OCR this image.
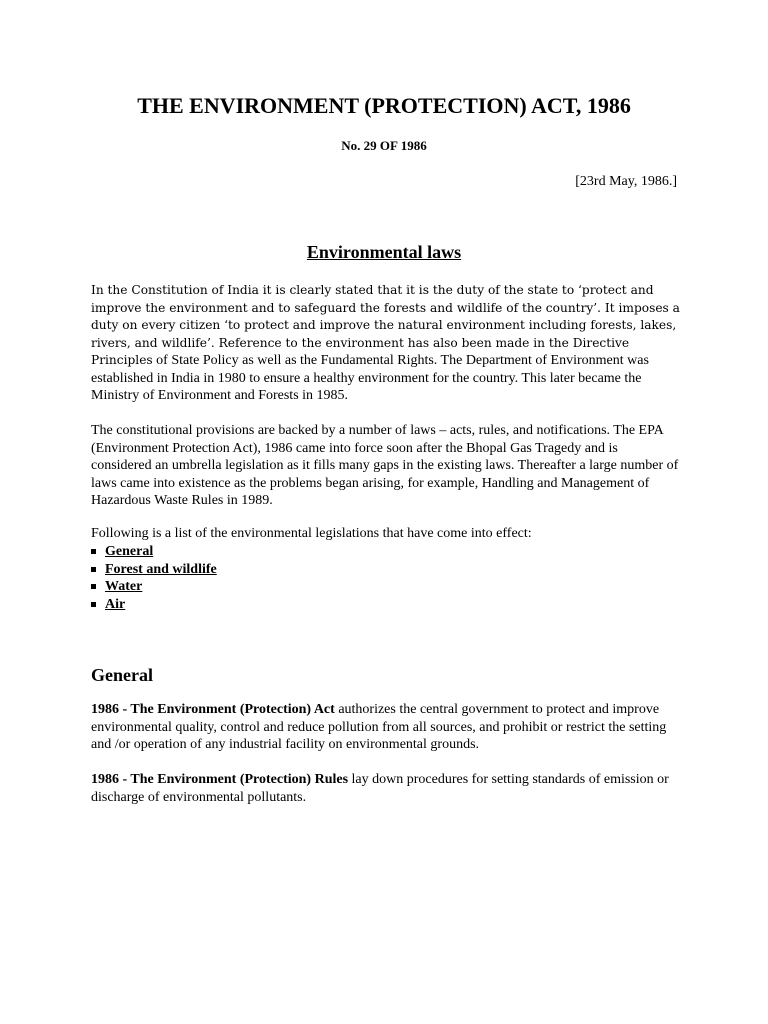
THE ENVIRONMENT (PROTECTION) ACT, 1986
No. 29 OF 1986
[23rd May, 1986.]
Environmental laws

In the Constitution of India it is clearly stated that it is the duty of the state to ‘protect and improve the environment and to safeguard the forests and wildlife of the country’. It imposes a duty on every citizen ‘to protect and improve the natural environment including forests, lakes, rivers, and wildlife’. Reference to the environment has also been made in the Directive Principles of State Policy as well as the Fundamental Rights. The Department of Environment was established in India in 1980 to ensure a healthy environment for the country. This later became the Ministry of Environment and Forests in 1985.

The constitutional provisions are backed by a number of laws – acts, rules, and notifications. The EPA (Environment Protection Act), 1986 came into force soon after the Bhopal Gas Tragedy and is considered an umbrella legislation as it fills many gaps in the existing laws. Thereafter a large number of laws came into existence as the problems began arising, for example, Handling and Management of Hazardous Waste Rules in 1989.

Following is a list of the environmental legislations that have come into effect:

General
Forest and wildlife
Water
Air
General

1986 - The Environment (Protection) Act authorizes the central government to protect and improve environmental quality, control and reduce pollution from all sources, and prohibit or restrict the setting and /or operation of any industrial facility on environmental grounds.

1986 - The Environment (Protection) Rules lay down procedures for setting standards of emission or discharge of environmental pollutants.
